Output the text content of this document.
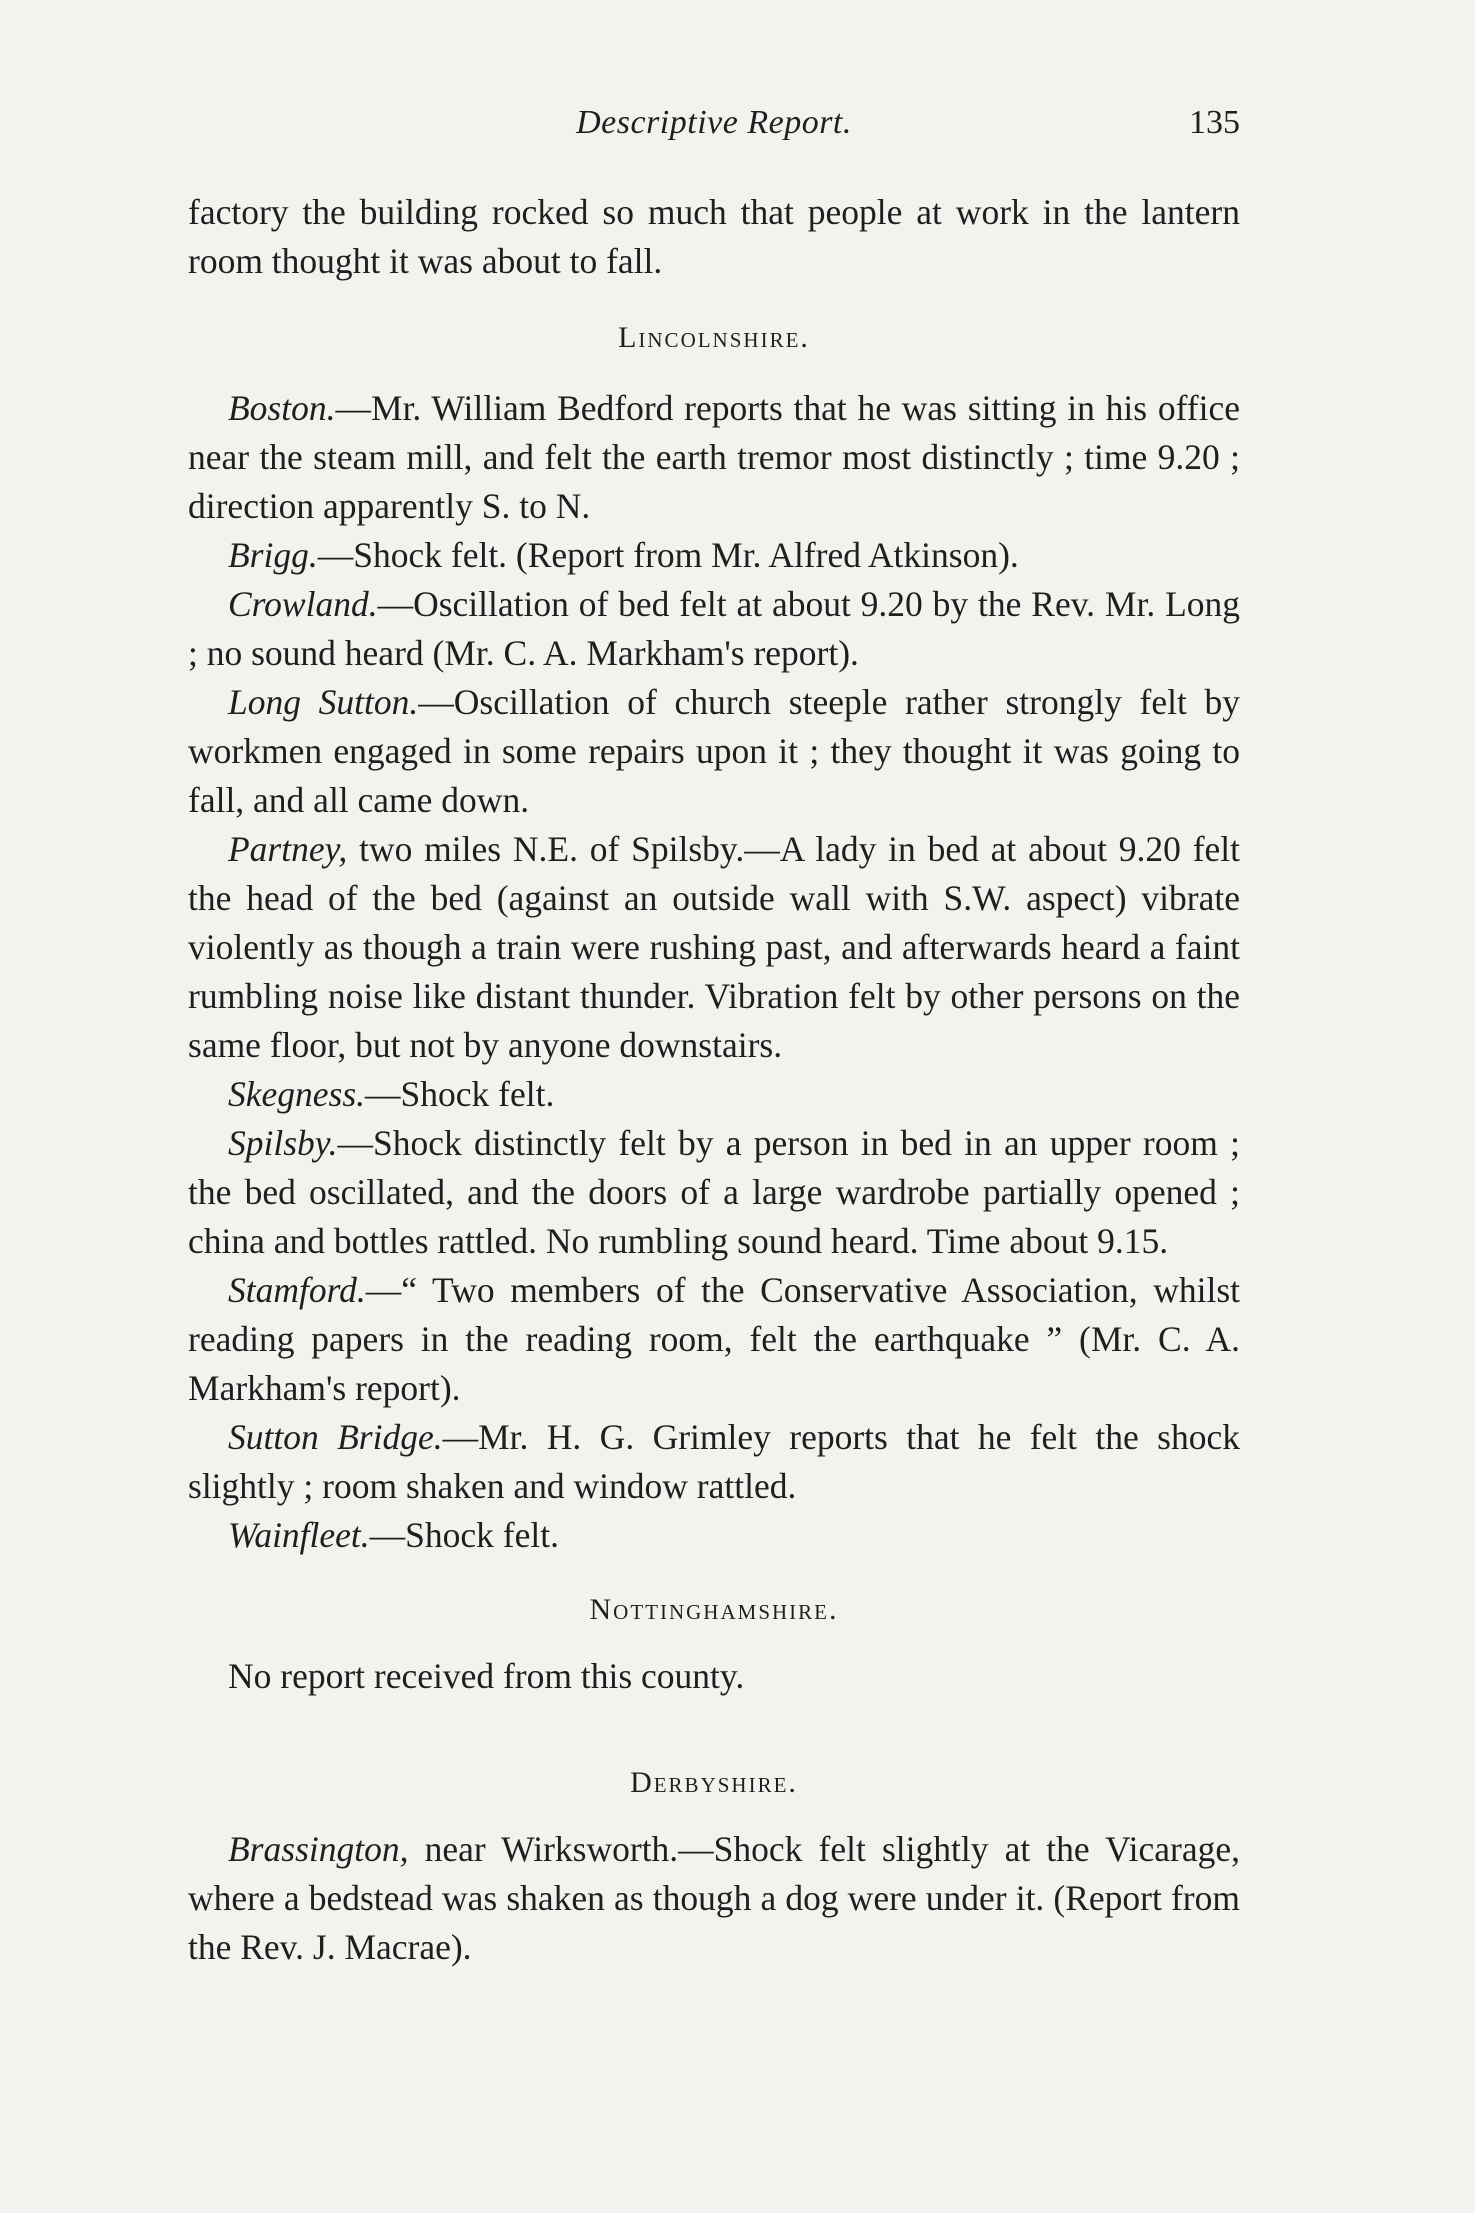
Descriptive Report.	135

factory the building rocked so much that people at work in the lantern room thought it was about to fall.

Lincolnshire.

Boston.—Mr. William Bedford reports that he was sitting in his office near the steam mill, and felt the earth tremor most distinctly ; time 9.20 ; direction apparently S. to N.

Brigg.—Shock felt. (Report from Mr. Alfred Atkinson).

Crowland.—Oscillation of bed felt at about 9.20 by the Rev. Mr. Long ; no sound heard (Mr. C. A. Markham's report).

Long Sutton.—Oscillation of church steeple rather strongly felt by workmen engaged in some repairs upon it ; they thought it was going to fall, and all came down.

Partney, two miles N.E. of Spilsby.—A lady in bed at about 9.20 felt the head of the bed (against an outside wall with S.W. aspect) vibrate violently as though a train were rushing past, and afterwards heard a faint rumbling noise like distant thunder. Vibration felt by other persons on the same floor, but not by anyone downstairs.

Skegness.—Shock felt.

Spilsby.—Shock distinctly felt by a person in bed in an upper room ; the bed oscillated, and the doors of a large wardrobe partially opened ; china and bottles rattled. No rumbling sound heard. Time about 9.15.

Stamford.—“ Two members of the Conservative Association, whilst reading papers in the reading room, felt the earthquake ” (Mr. C. A. Markham's report).

Sutton Bridge.—Mr. H. G. Grimley reports that he felt the shock slightly ; room shaken and window rattled.

Wainfleet.—Shock felt.

Nottinghamshire.

No report received from this county.

Derbyshire.

Brassington, near Wirksworth.—Shock felt slightly at the Vicarage, where a bedstead was shaken as though a dog were under it. (Report from the Rev. J. Macrae).
